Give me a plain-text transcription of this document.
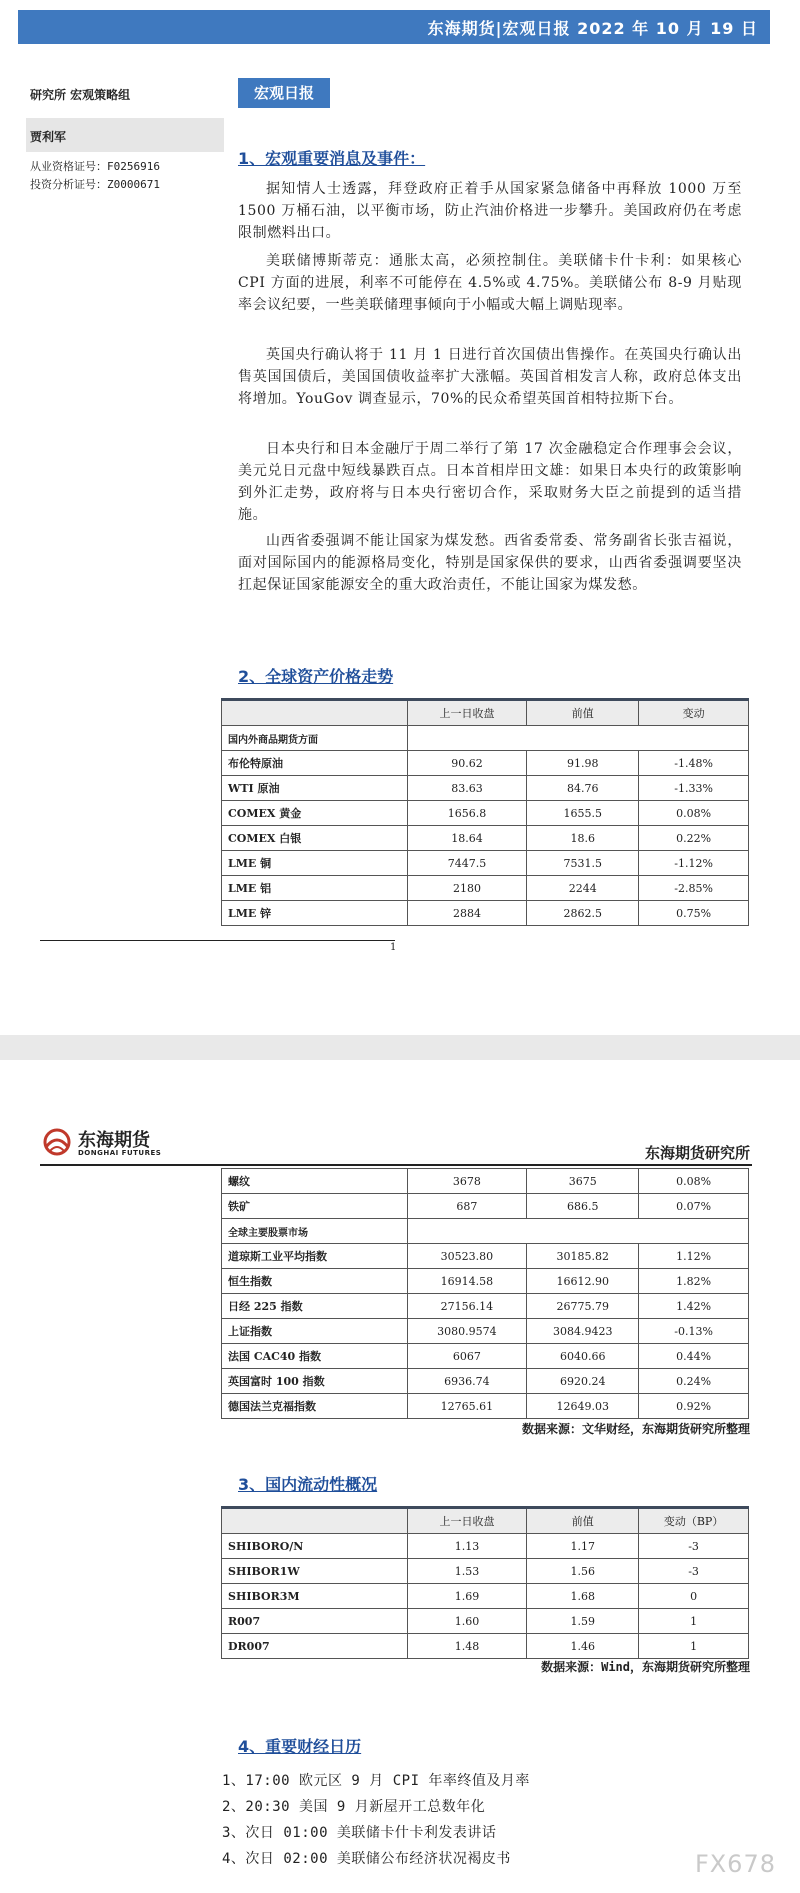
东海期货|宏观日报 2022 年 10 月 19 日
研究所 宏观策略组
贾利军
从业资格证号：F0256916
投资分析证号：Z0000671
宏观日报
1、宏观重要消息及事件：
据知情人士透露，拜登政府正着手从国家紧急储备中再释放 1000 万至 1500 万桶石油，以平衡市场，防止汽油价格进一步攀升。美国政府仍在考虑限制燃料出口。
美联储博斯蒂克：通胀太高，必须控制住。美联储卡什卡利：如果核心 CPI 方面的进展，利率不可能停在 4.5%或 4.75%。美联储公布 8-9 月贴现率会议纪要，一些美联储理事倾向于小幅或大幅上调贴现率。
英国央行确认将于 11 月 1 日进行首次国债出售操作。在英国央行确认出售英国国债后，美国国债收益率扩大涨幅。英国首相发言人称，政府总体支出将增加。YouGov 调查显示，70%的民众希望英国首相特拉斯下台。
日本央行和日本金融厅于周二举行了第 17 次金融稳定合作理事会会议，美元兑日元盘中短线暴跌百点。日本首相岸田文雄：如果日本央行的政策影响到外汇走势，政府将与日本央行密切合作，采取财务大臣之前提到的适当措施。
山西省委强调不能让国家为煤发愁。西省委常委、常务副省长张吉福说，面对国际国内的能源格局变化，特别是国家保供的要求，山西省委强调要坚决扛起保证国家能源安全的重大政治责任，不能让国家为煤发愁。
2、全球资产价格走势
	上一日收盘	前值	变动
国内外商品期货方面			
布伦特原油	90.62	91.98	-1.48%
WTI 原油	83.63	84.76	-1.33%
COMEX 黄金	1656.8	1655.5	0.08%
COMEX 白银	18.64	18.6	0.22%
LME 铜	7447.5	7531.5	-1.12%
LME 铝	2180	2244	-2.85%
LME 锌	2884	2862.5	0.75%
1
东海期货
DONGHAI FUTURES	东海期货研究所
螺纹	3678	3675	0.08%
铁矿	687	686.5	0.07%
全球主要股票市场			
道琼斯工业平均指数	30523.80	30185.82	1.12%
恒生指数	16914.58	16612.90	1.82%
日经 225 指数	27156.14	26775.79	1.42%
上证指数	3080.9574	3084.9423	-0.13%
法国 CAC40 指数	6067	6040.66	0.44%
英国富时 100 指数	6936.74	6920.24	0.24%
德国法兰克福指数	12765.61	12649.03	0.92%
数据来源：文华财经，东海期货研究所整理
3、国内流动性概况
	上一日收盘	前值	变动（BP）
SHIBORO/N	1.13	1.17	-3
SHIBOR1W	1.53	1.56	-3
SHIBOR3M	1.69	1.68	0
R007	1.60	1.59	1
DR007	1.48	1.46	1
数据来源：Wind，东海期货研究所整理
4、重要财经日历
1、17:00 欧元区 9 月 CPI 年率终值及月率
2、20:30 美国 9 月新屋开工总数年化
3、次日 01:00 美联储卡什卡利发表讲话
4、次日 02:00 美联储公布经济状况褐皮书	FX678
